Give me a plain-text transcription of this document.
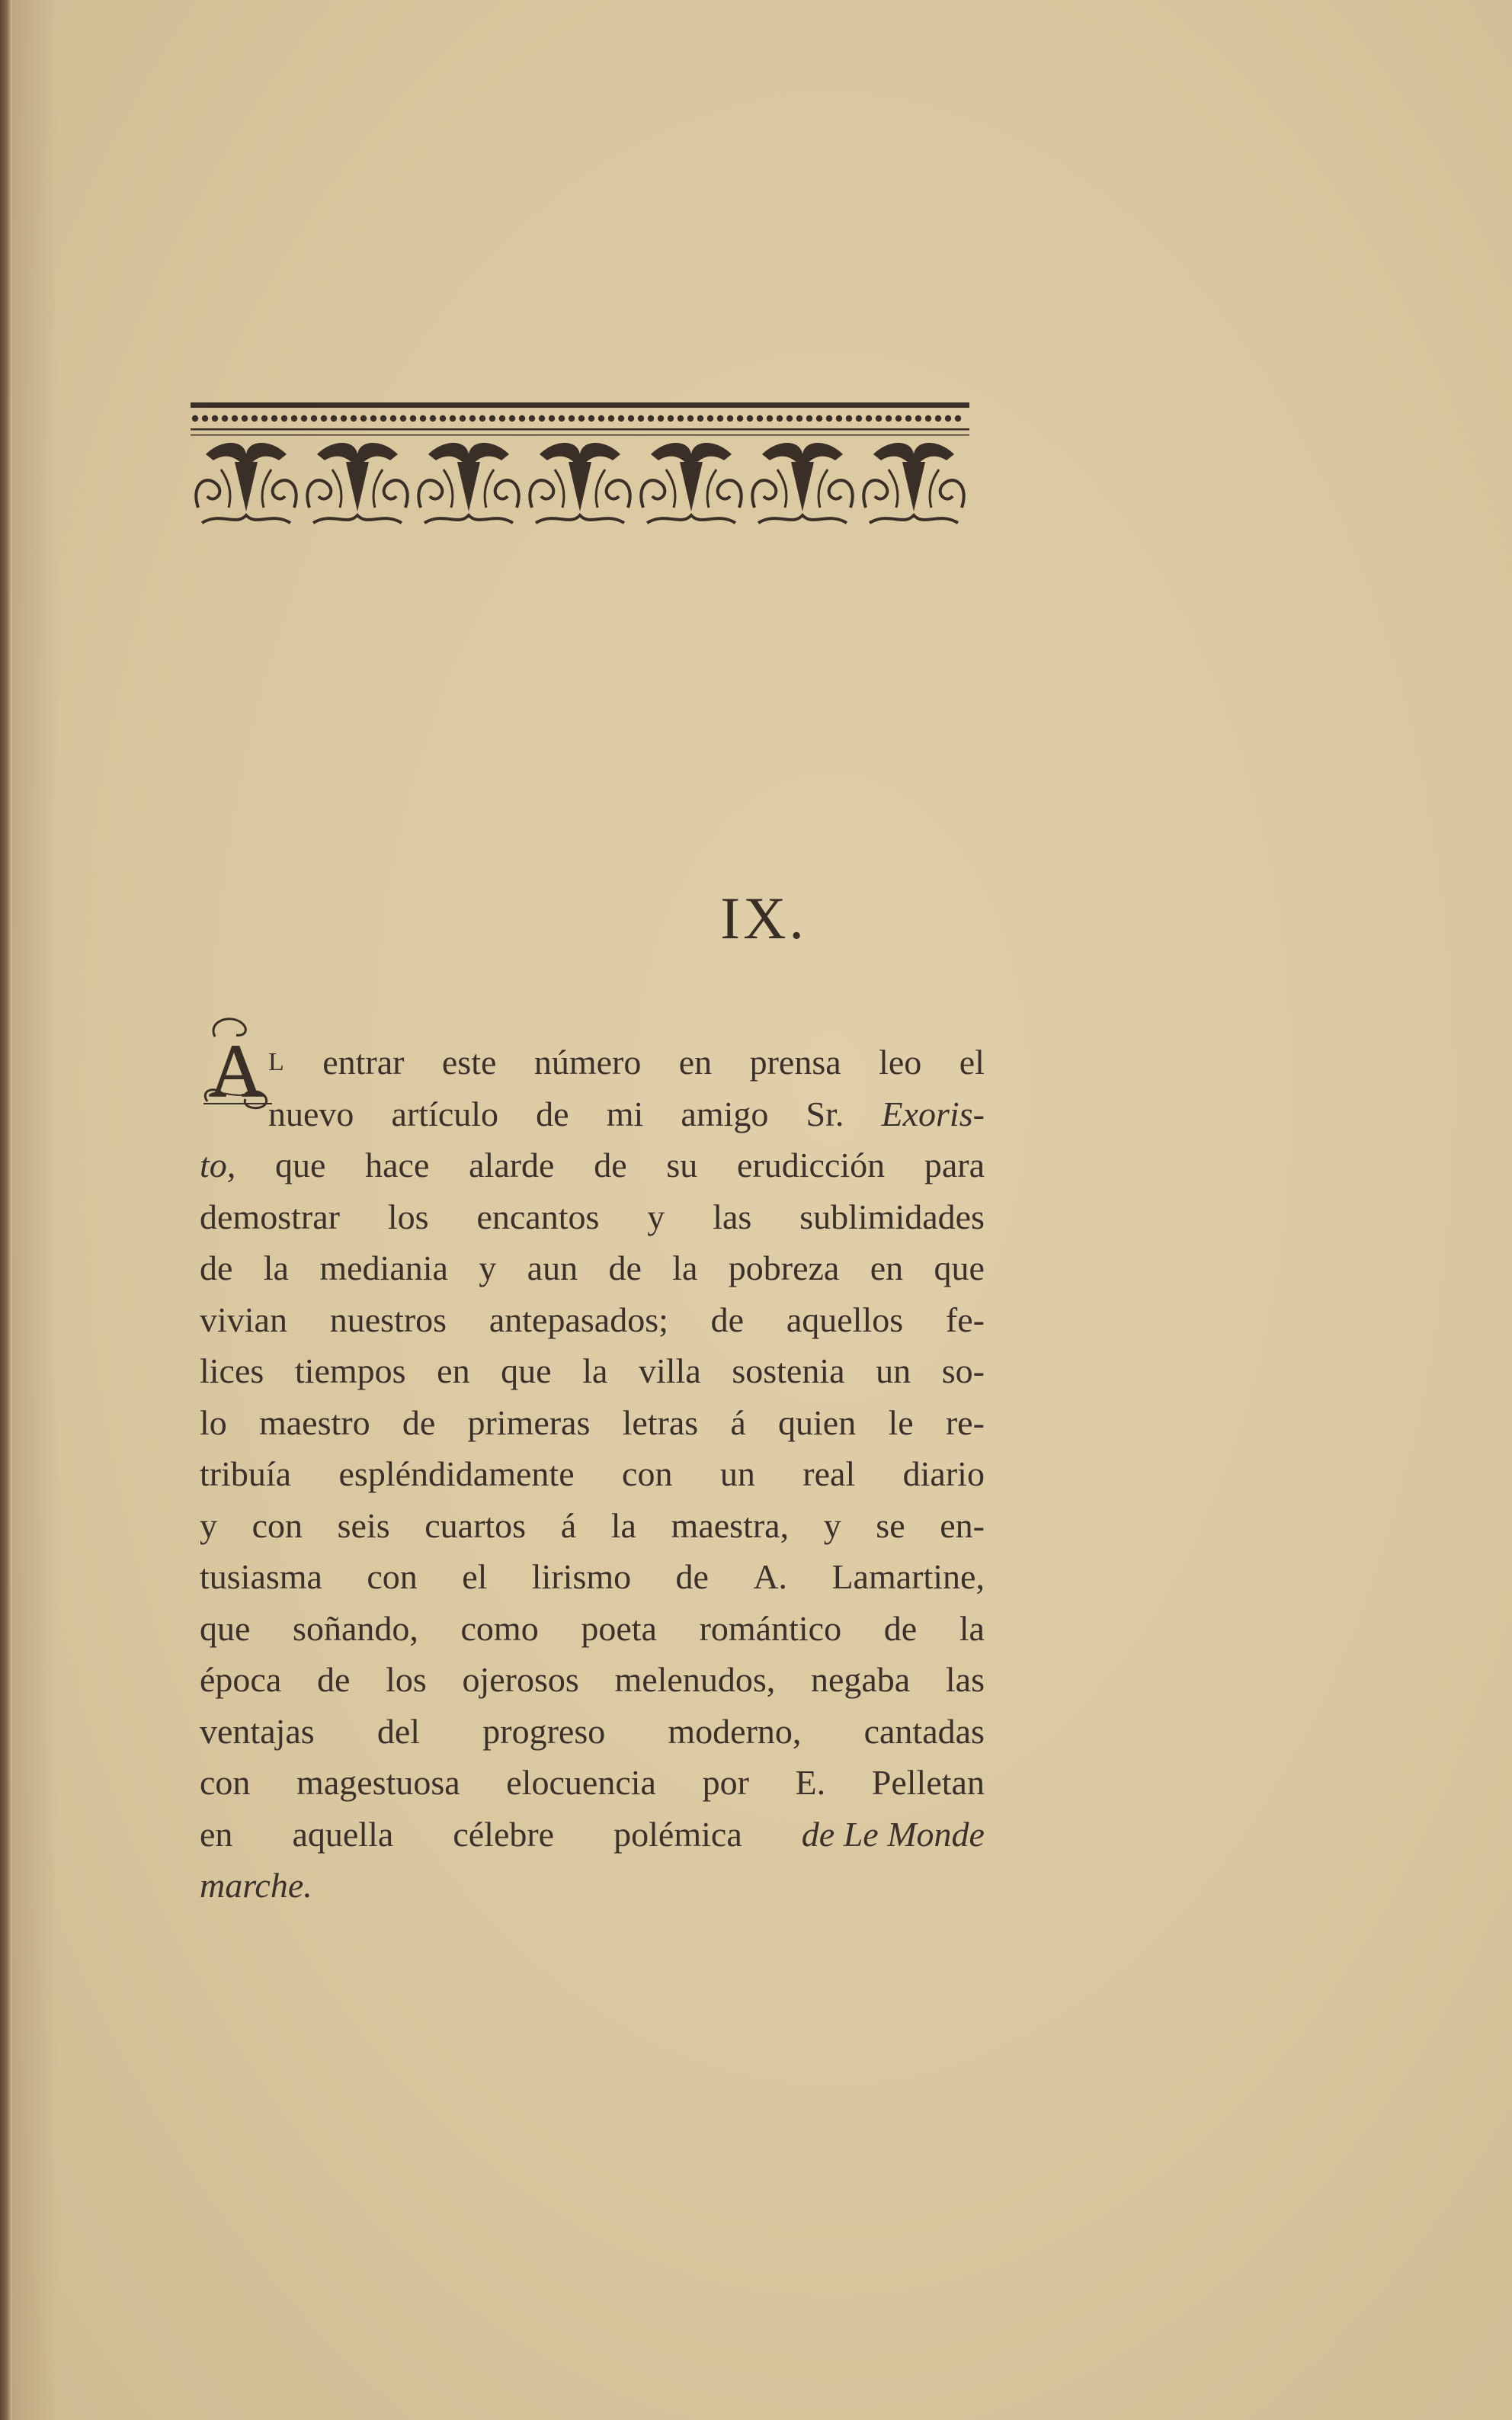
IX.
A L entrar este número en prensa leo el
nuevo artículo de mi amigo Sr. Exoris-
to, que hace alarde de su erudicción para
demostrar los encantos y las sublimidades
de la mediania y aun de la pobreza en que
vivian nuestros antepasados; de aquellos fe-
lices tiempos en que la villa sostenia un so-
lo maestro de primeras letras á quien le re-
tribuía espléndidamente con un real diario
y con seis cuartos á la maestra, y se en-
tusiasma con el lirismo de A. Lamartine,
que soñando, como poeta romántico de la
época de los ojerosos melenudos, negaba las
ventajas del progreso moderno, cantadas
con magestuosa elocuencia por E. Pelletan
en aquella célebre polémica de Le Monde
marche.
